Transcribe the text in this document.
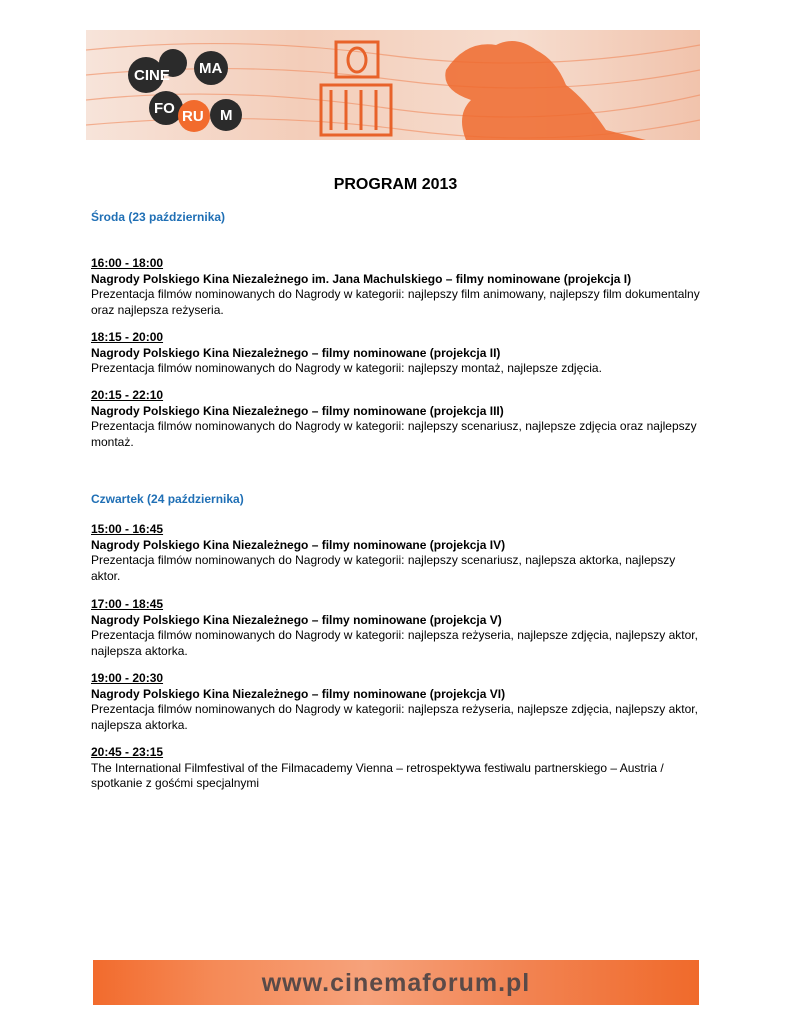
CINE MA
FO RU M
PROGRAM 2013
Środa (23 października)
16:00 - 18:00
Nagrody Polskiego Kina Niezależnego im. Jana Machulskiego – filmy nominowane (projekcja I)
Prezentacja filmów nominowanych do Nagrody w kategorii: najlepszy film animowany, najlepszy film dokumentalny oraz najlepsza reżyseria.
18:15 - 20:00
Nagrody Polskiego Kina Niezależnego – filmy nominowane (projekcja II)
Prezentacja filmów nominowanych do Nagrody w kategorii: najlepszy montaż, najlepsze zdjęcia.
20:15 - 22:10
Nagrody Polskiego Kina Niezależnego – filmy nominowane (projekcja III)
Prezentacja filmów nominowanych do Nagrody w kategorii: najlepszy scenariusz, najlepsze zdjęcia oraz najlepszy montaż.
Czwartek (24 października)
15:00 - 16:45
Nagrody Polskiego Kina Niezależnego – filmy nominowane (projekcja IV)
Prezentacja filmów nominowanych do Nagrody w kategorii: najlepszy scenariusz, najlepsza aktorka, najlepszy aktor.
17:00 - 18:45
Nagrody Polskiego Kina Niezależnego – filmy nominowane (projekcja V)
Prezentacja filmów nominowanych do Nagrody w kategorii: najlepsza reżyseria, najlepsze zdjęcia, najlepszy aktor, najlepsza aktorka.
19:00 - 20:30
Nagrody Polskiego Kina Niezależnego – filmy nominowane (projekcja VI)
Prezentacja filmów nominowanych do Nagrody w kategorii: najlepsza reżyseria, najlepsze zdjęcia, najlepszy aktor, najlepsza aktorka.
20:45 - 23:15
The International Filmfestival of the Filmacademy Vienna – retrospektywa festiwalu partnerskiego – Austria / spotkanie z gośćmi specjalnymi
www.cinemaforum.pl
